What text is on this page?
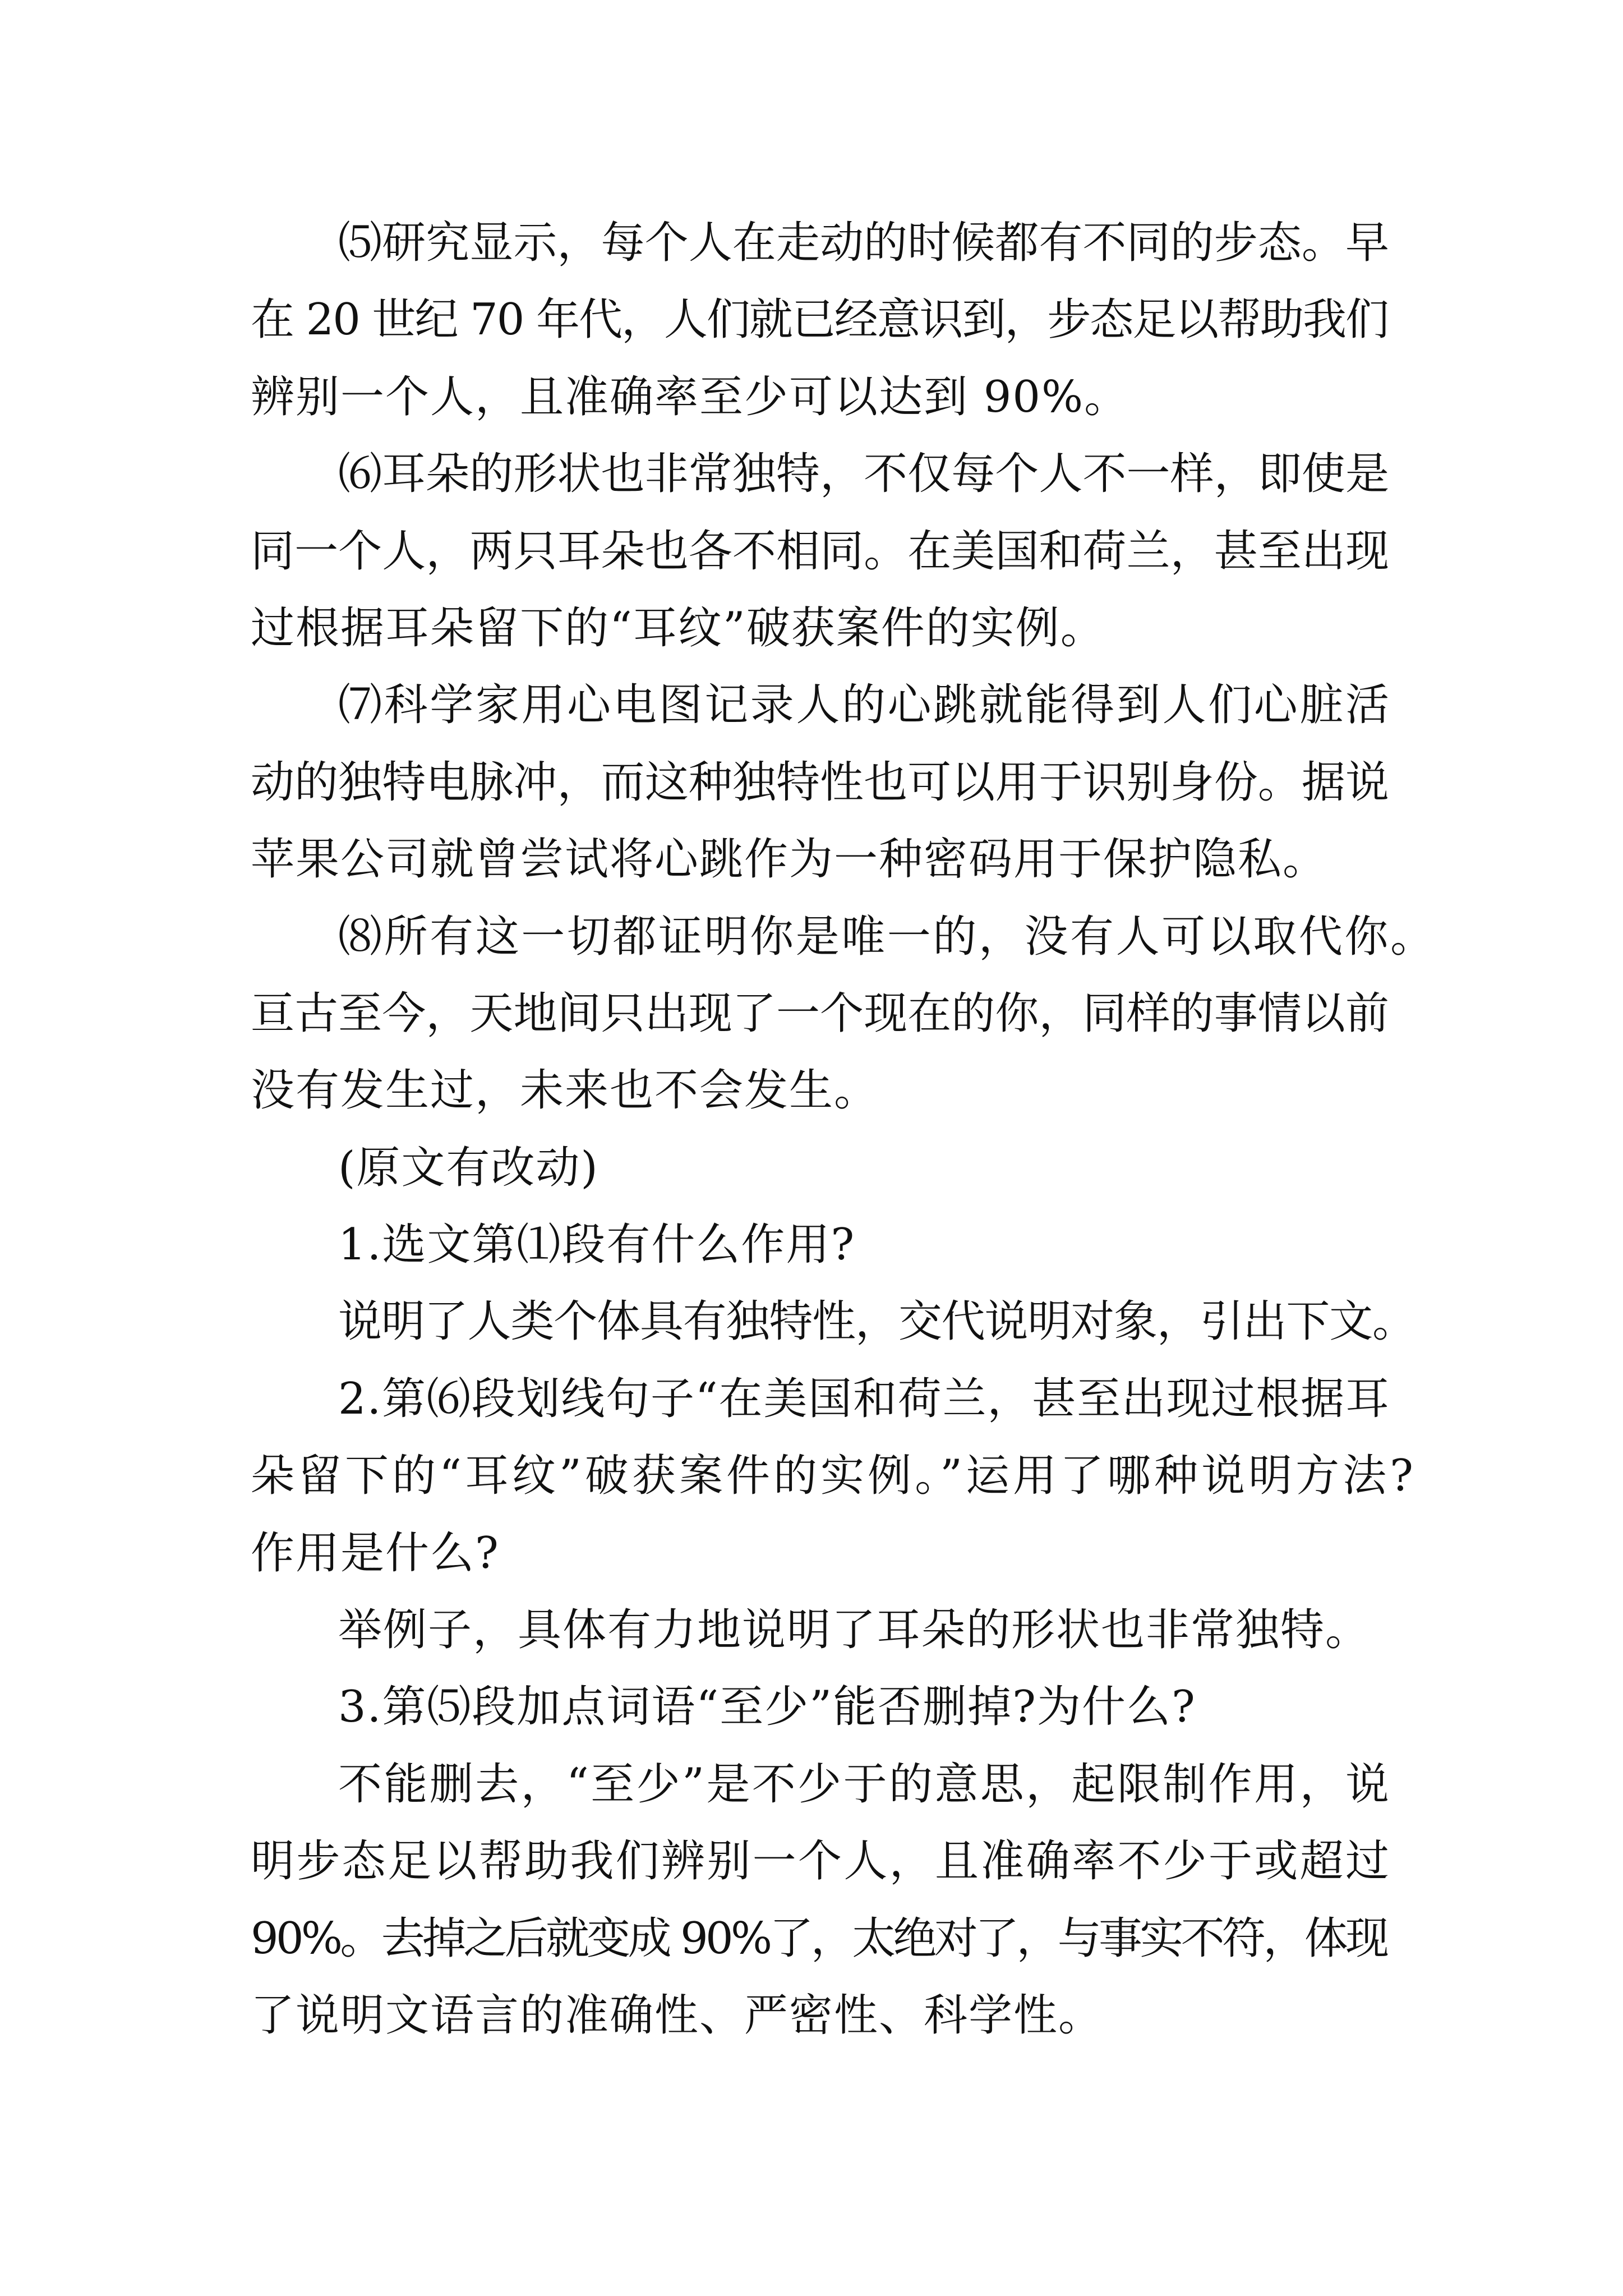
⑸研究显示，每个人在走动的时候都有不同的步态。早
在 20 世纪 70 年代，人们就已经意识到，步态足以帮助我们
辨别一个人，且准确率至少可以达到 90%。
⑹耳朵的形状也非常独特，不仅每个人不一样，即使是
同一个人，两只耳朵也各不相同。在美国和荷兰，甚至出现
过根据耳朵留下的“耳纹”破获案件的实例。
⑺科学家用心电图记录人的心跳就能得到人们心脏活
动的独特电脉冲，而这种独特性也可以用于识别身份。据说
苹果公司就曾尝试将心跳作为一种密码用于保护隐私。
⑻所有这一切都证明你是唯一的，没有人可以取代你。
亘古至今，天地间只出现了一个现在的你，同样的事情以前
没有发生过，未来也不会发生。
(原文有改动)
1.选文第⑴段有什么作用?
说明了人类个体具有独特性，交代说明对象，引出下文。
2.第⑹段划线句子“在美国和荷兰，甚至出现过根据耳
朵留下的“耳纹”破获案件的实例。”运用了哪种说明方法?
作用是什么?
举例子，具体有力地说明了耳朵的形状也非常独特。
3.第⑸段加点词语“至少”能否删掉?为什么?
不能删去，“至少”是不少于的意思，起限制作用，说
明步态足以帮助我们辨别一个人，且准确率不少于或超过
90%。去掉之后就变成 90%了，太绝对了，与事实不符，体现
了说明文语言的准确性、严密性、科学性。
